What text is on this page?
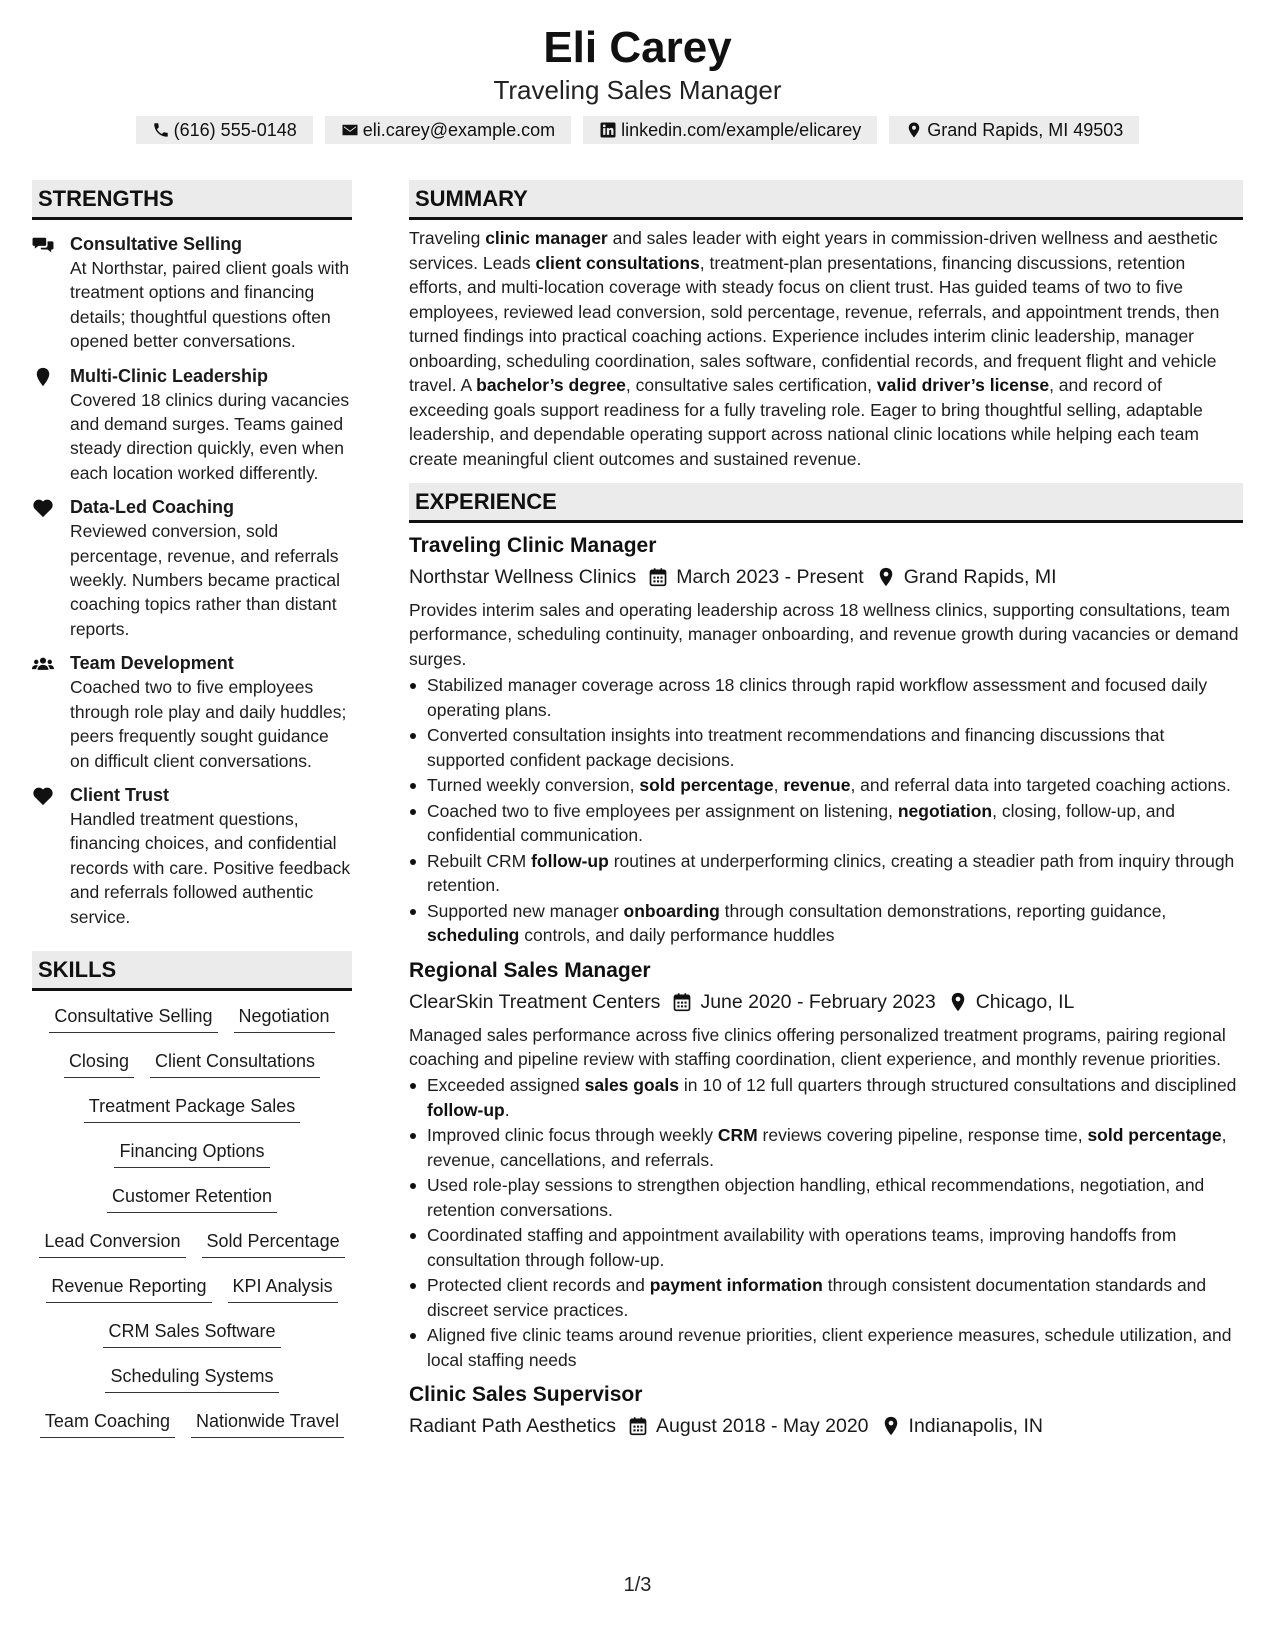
Eli Carey
Traveling Sales Manager
(616) 555-0148	eli.carey@example.com	linkedin.com/example/elicarey	Grand Rapids, MI 49503
STRENGTHS
Consultative Selling
At Northstar, paired client goals with treatment options and financing details; thoughtful questions often opened better conversations.
Multi-Clinic Leadership
Covered 18 clinics during vacancies and demand surges. Teams gained steady direction quickly, even when each location worked differently.
Data-Led Coaching
Reviewed conversion, sold percentage, revenue, and referrals weekly. Numbers became practical coaching topics rather than distant reports.
Team Development
Coached two to five employees through role play and daily huddles; peers frequently sought guidance on difficult client conversations.
Client Trust
Handled treatment questions, financing choices, and confidential records with care. Positive feedback and referrals followed authentic service.
SKILLS
Consultative Selling Negotiation
Closing Client Consultations
Treatment Package Sales
Financing Options
Customer Retention
Lead Conversion Sold Percentage
Revenue Reporting KPI Analysis
CRM Sales Software
Scheduling Systems
Team Coaching Nationwide Travel
SUMMARY
Traveling clinic manager and sales leader with eight years in commission-driven wellness and aesthetic services. Leads client consultations, treatment-plan presentations, financing discussions, retention efforts, and multi-location coverage with steady focus on client trust. Has guided teams of two to five employees, reviewed lead conversion, sold percentage, revenue, referrals, and appointment trends, then turned findings into practical coaching actions. Experience includes interim clinic leadership, manager onboarding, scheduling coordination, sales software, confidential records, and frequent flight and vehicle travel. A bachelor’s degree, consultative sales certification, valid driver’s license, and record of exceeding goals support readiness for a fully traveling role. Eager to bring thoughtful selling, adaptable leadership, and dependable operating support across national clinic locations while helping each team create meaningful client outcomes and sustained revenue.
EXPERIENCE
Traveling Clinic Manager
Northstar Wellness Clinics March 2023 - Present Grand Rapids, MI
Provides interim sales and operating leadership across 18 wellness clinics, supporting consultations, team performance, scheduling continuity, manager onboarding, and revenue growth during vacancies or demand surges.
Stabilized manager coverage across 18 clinics through rapid workflow assessment and focused daily operating plans.
Converted consultation insights into treatment recommendations and financing discussions that supported confident package decisions.
Turned weekly conversion, sold percentage, revenue, and referral data into targeted coaching actions.
Coached two to five employees per assignment on listening, negotiation, closing, follow-up, and confidential communication.
Rebuilt CRM follow-up routines at underperforming clinics, creating a steadier path from inquiry through retention.
Supported new manager onboarding through consultation demonstrations, reporting guidance, scheduling controls, and daily performance huddles
Regional Sales Manager
ClearSkin Treatment Centers June 2020 - February 2023 Chicago, IL
Managed sales performance across five clinics offering personalized treatment programs, pairing regional coaching and pipeline review with staffing coordination, client experience, and monthly revenue priorities.
Exceeded assigned sales goals in 10 of 12 full quarters through structured consultations and disciplined follow-up.
Improved clinic focus through weekly CRM reviews covering pipeline, response time, sold percentage, revenue, cancellations, and referrals.
Used role-play sessions to strengthen objection handling, ethical recommendations, negotiation, and retention conversations.
Coordinated staffing and appointment availability with operations teams, improving handoffs from consultation through follow-up.
Protected client records and payment information through consistent documentation standards and discreet service practices.
Aligned five clinic teams around revenue priorities, client experience measures, schedule utilization, and local staffing needs
Clinic Sales Supervisor
Radiant Path Aesthetics August 2018 - May 2020 Indianapolis, IN
1/3
